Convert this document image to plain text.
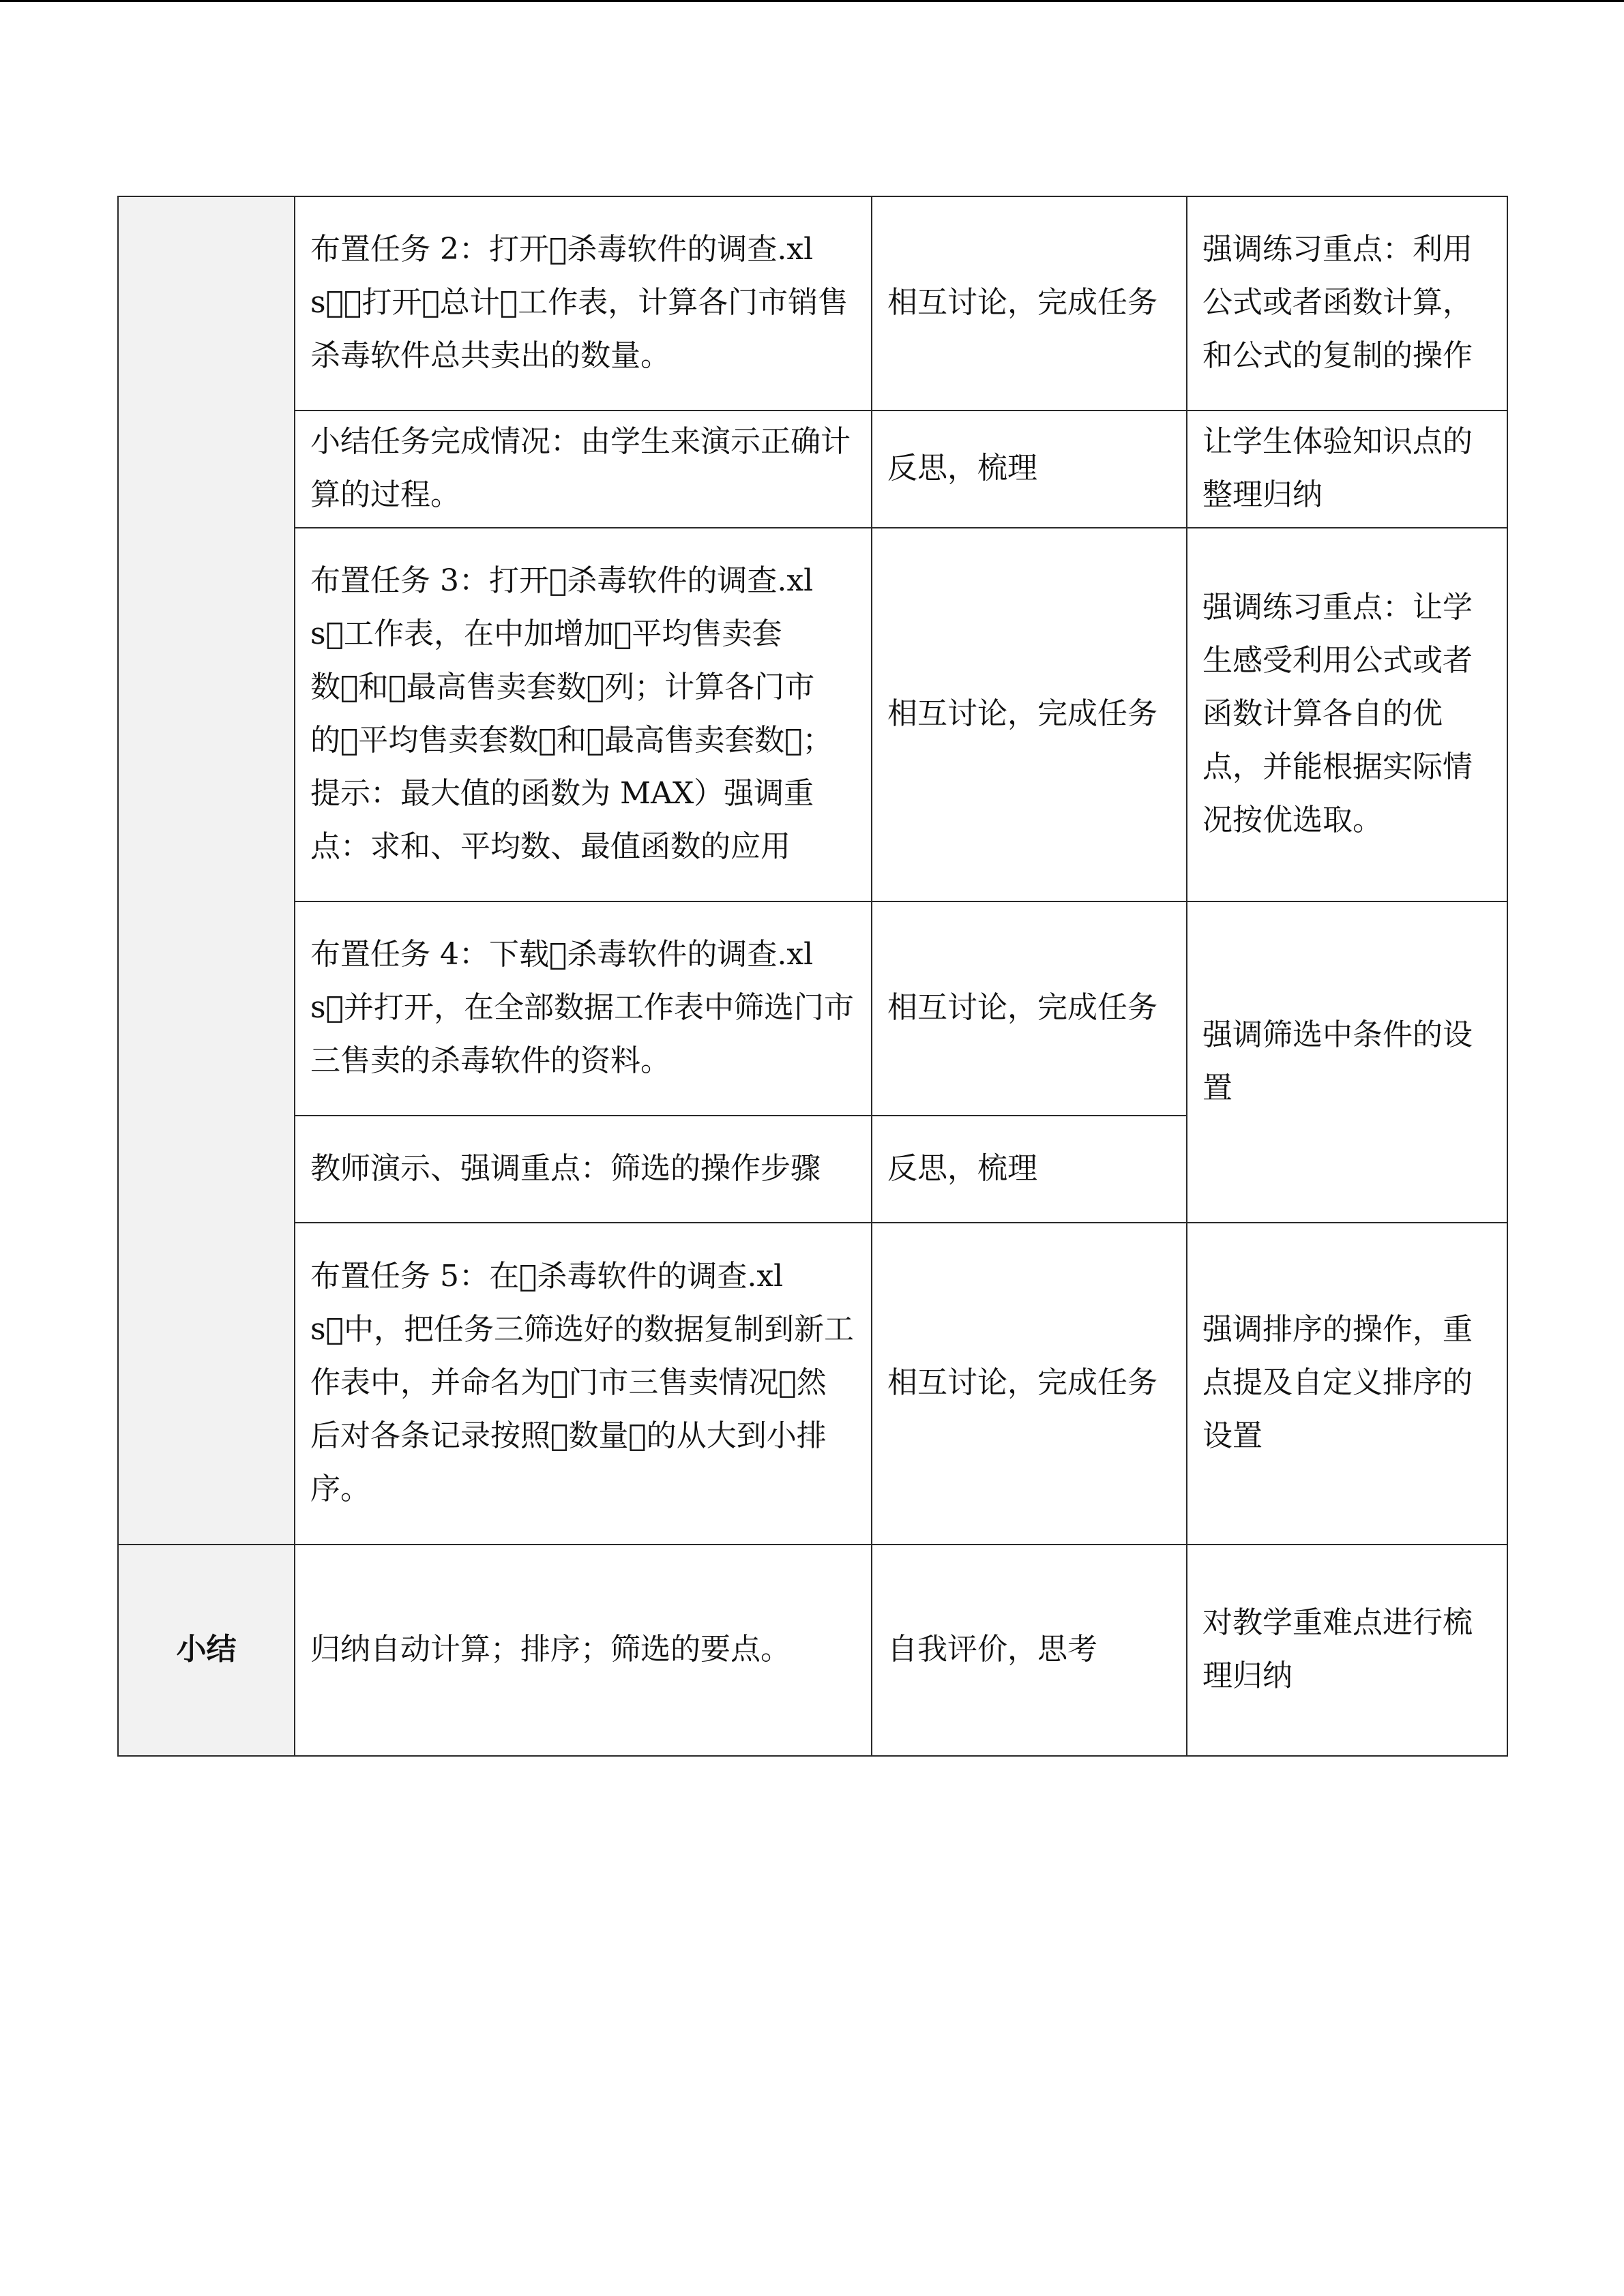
	布置任务 2：打开 杀毒软件的调查.xls ，打开 总计 工作表，计算各门市销售杀毒软件总共卖出的数量。	相互讨论，完成任务	强调练习重点：利用公式或者函数计算，和公式的复制的操作
	小结任务完成情况：由学生来演示正确计算的过程。	反思，梳理	让学生体验知识点的整理归纳
	布置任务 3：打开 杀毒软件的调查.xls 工作表，在中加增加 平均售卖套数 和 最高售卖套数 列；计算各门市的 平均售卖套数 和 最高售卖套数 ；提示：最大值的函数为 MAX）强调重点：求和、平均数、最值函数的应用	相互讨论，完成任务	强调练习重点：让学生感受利用公式或者函数计算各自的优点，并能根据实际情况按优选取。
	布置任务 4：下载 杀毒软件的调查.xls 并打开，在全部数据工作表中筛选门市三售卖的杀毒软件的资料。	相互讨论，完成任务	强调筛选中条件的设置
	教师演示、强调重点：筛选的操作步骤	反思，梳理	
	布置任务 5：在 杀毒软件的调查.xls 中，把任务三筛选好的数据复制到新工作表中，并命名为 门市三售卖情况 然后对各条记录按照 数量 的从大到小排序。	相互讨论，完成任务	强调排序的操作，重点提及自定义排序的设置
小结	归纳自动计算；排序；筛选的要点。	自我评价，思考	对教学重难点进行梳理归纳
